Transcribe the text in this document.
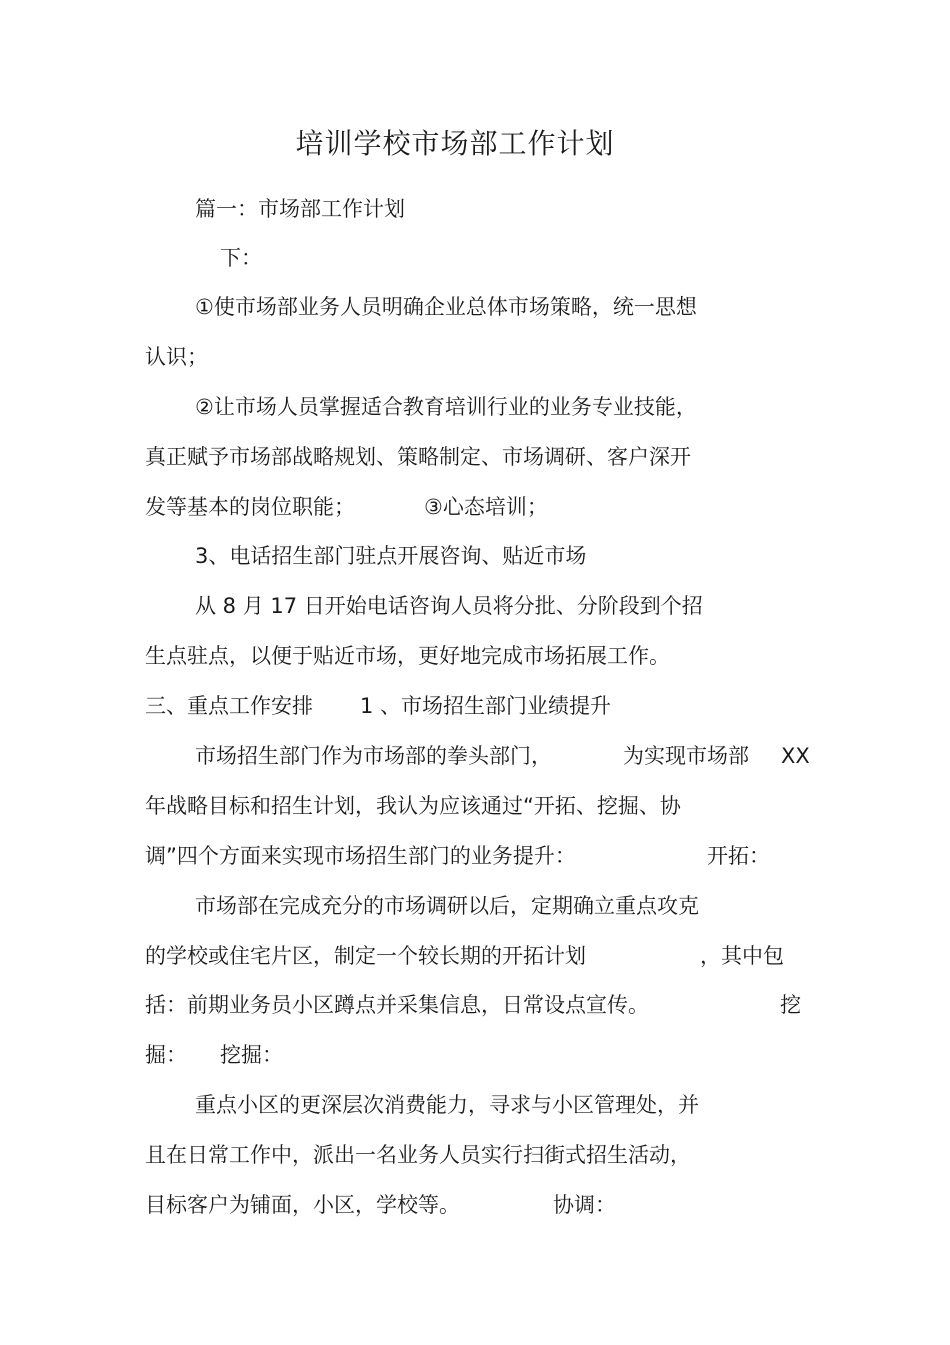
培训学校市场部工作计划
篇一：市场部工作计划
下：
①使市场部业务人员明确企业总体市场策略，统一思想
认识；
②让市场人员掌握适合教育培训行业的业务专业技能，
真正赋予市场部战略规划、策略制定、市场调研、客户深开
发等基本的岗位职能；	③心态培训；
3、电话招生部门驻点开展咨询、贴近市场
从 8 月 17 日开始电话咨询人员将分批、分阶段到个招
生点驻点，以便于贴近市场，更好地完成市场拓展工作。
三、重点工作安排 1 、市场招生部门业绩提升
市场招生部门作为市场部的拳头部门，	为实现市场部 XX
年战略目标和招生计划，我认为应该通过“开拓、挖掘、协
调”四个方面来实现市场招生部门的业务提升：	开拓：
市场部在完成充分的市场调研以后，定期确立重点攻克
的学校或住宅片区，制定一个较长期的开拓计划	，其中包
括：前期业务员小区蹲点并采集信息，日常设点宣传。	挖
掘： 挖掘：
重点小区的更深层次消费能力，寻求与小区管理处，并
且在日常工作中，派出一名业务人员实行扫街式招生活动，
目标客户为铺面，小区，学校等。	协调：
